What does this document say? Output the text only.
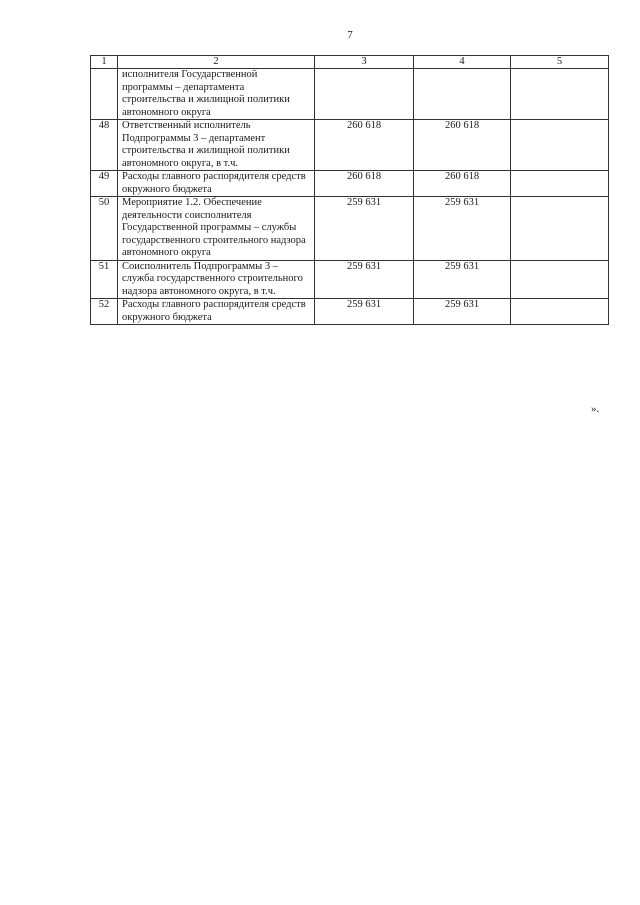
7
1	2	3	4	5
	исполнителя Государственной программы – департамента строительства и жилищной политики автономного округа			
48	Ответственный исполнитель Подпрограммы 3 – департамент строительства и жилищной политики автономного округа, в т.ч.	260 618	260 618	
49	Расходы главного распорядителя средств окружного бюджета	260 618	260 618	
50	Мероприятие 1.2. Обеспечение деятельности соисполнителя Государственной программы – службы государственного строительного надзора автономного округа	259 631	259 631	
51	Соисполнитель Подпрограммы 3 – служба государственного строительного надзора автономного округа, в т.ч.	259 631	259 631	
52	Расходы главного распорядителя средств окружного бюджета	259 631	259 631	
».
